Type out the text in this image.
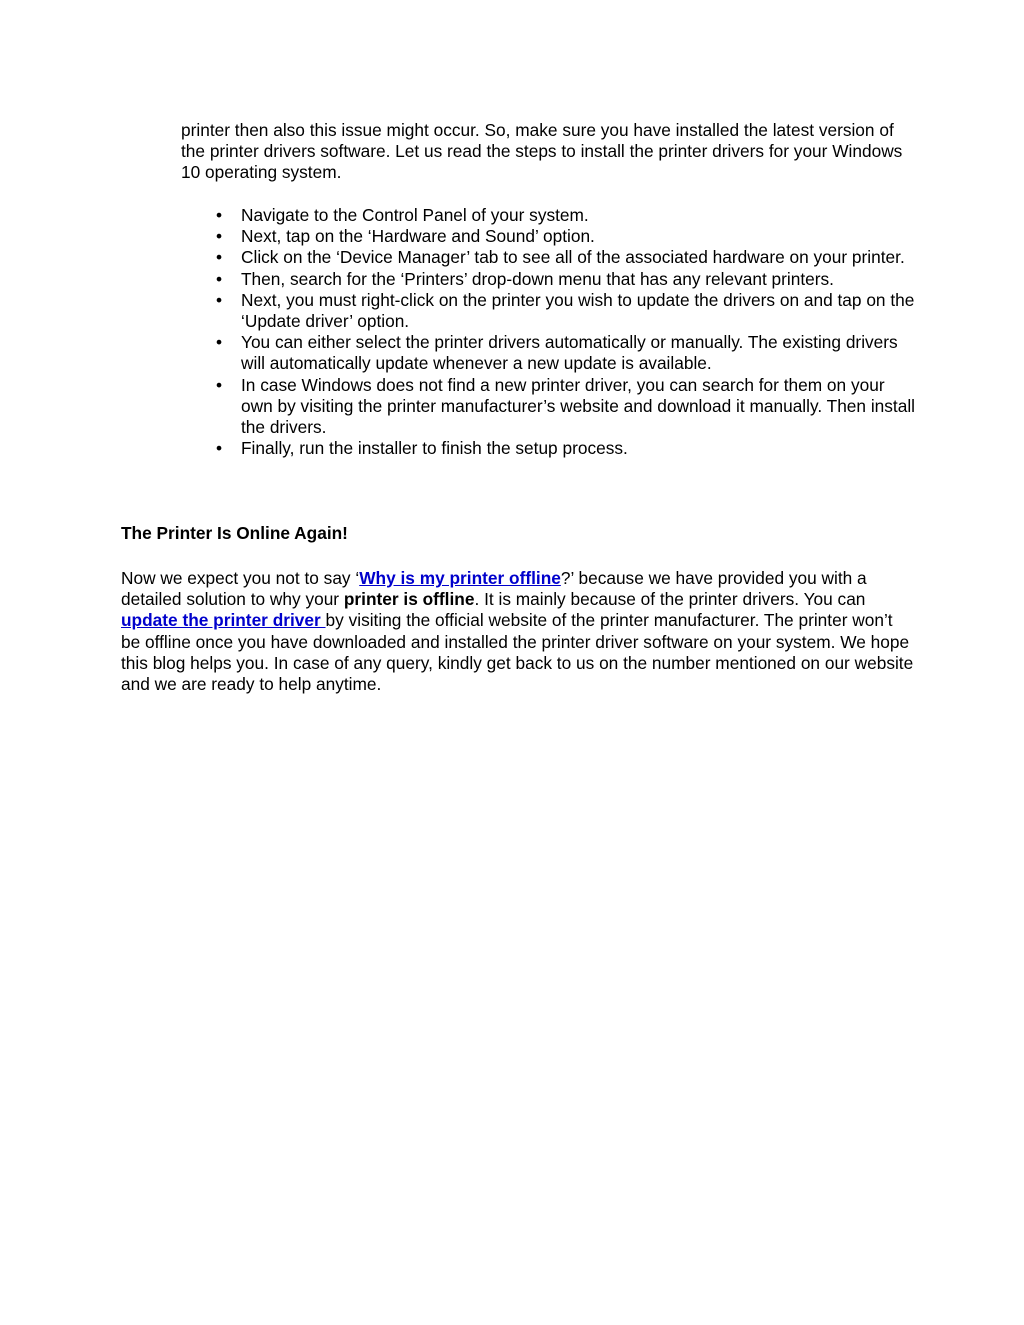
printer then also this issue might occur. So, make sure you have installed the latest version of the printer drivers software. Let us read the steps to install the printer drivers for your Windows 10 operating system.

• Navigate to the Control Panel of your system.
• Next, tap on the ‘Hardware and Sound’ option.
• Click on the ‘Device Manager’ tab to see all of the associated hardware on your printer.
• Then, search for the ‘Printers’ drop-down menu that has any relevant printers.
• Next, you must right-click on the printer you wish to update the drivers on and tap on the ‘Update driver’ option.
• You can either select the printer drivers automatically or manually. The existing drivers will automatically update whenever a new update is available.
• In case Windows does not find a new printer driver, you can search for them on your own by visiting the printer manufacturer’s website and download it manually. Then install the drivers.
• Finally, run the installer to finish the setup process.
The Printer Is Online Again!

Now we expect you not to say ‘Why is my printer offline?’ because we have provided you with a detailed solution to why your printer is offline. It is mainly because of the printer drivers. You can update the printer driver by visiting the official website of the printer manufacturer. The printer won’t be offline once you have downloaded and installed the printer driver software on your system. We hope this blog helps you. In case of any query, kindly get back to us on the number mentioned on our website and we are ready to help anytime.
